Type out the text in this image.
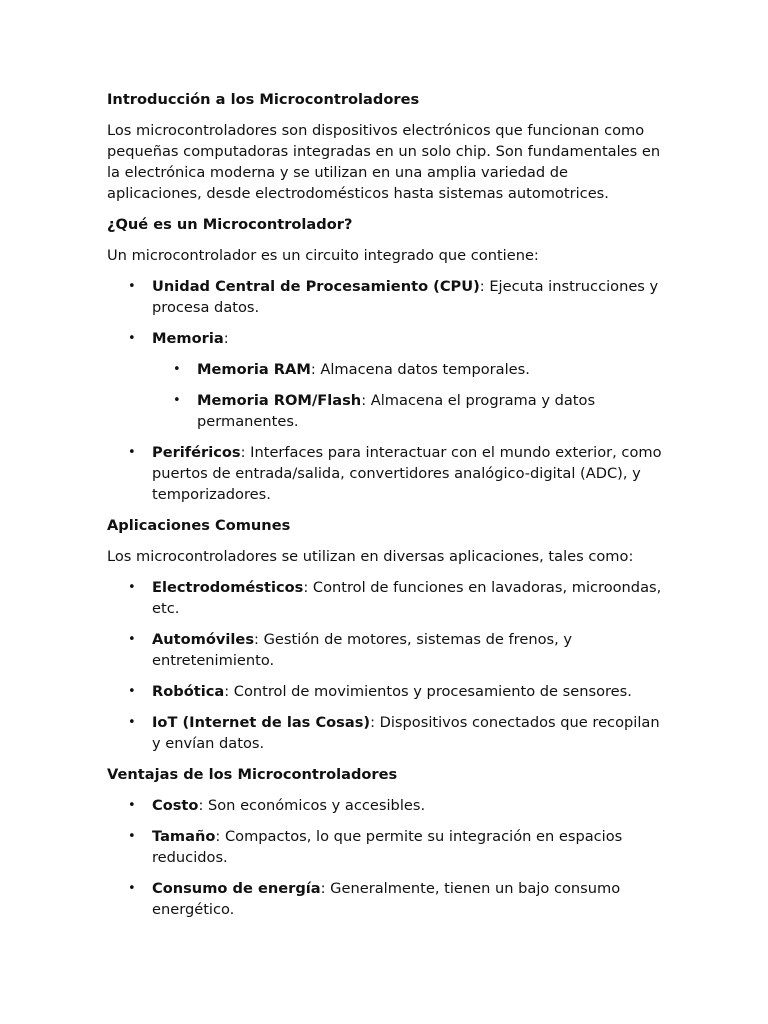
Introducción a los Microcontroladores

Los microcontroladores son dispositivos electrónicos que funcionan como pequeñas computadoras integradas en un solo chip. Son fundamentales en la electrónica moderna y se utilizan en una amplia variedad de aplicaciones, desde electrodomésticos hasta sistemas automotrices.

¿Qué es un Microcontrolador?

Un microcontrolador es un circuito integrado que contiene:

• Unidad Central de Procesamiento (CPU): Ejecuta instrucciones y procesa datos.
• Memoria:
• Memoria RAM: Almacena datos temporales.
• Memoria ROM/Flash: Almacena el programa y datos permanentes.
• Periféricos: Interfaces para interactuar con el mundo exterior, como puertos de entrada/salida, convertidores analógico-digital (ADC), y temporizadores.
Aplicaciones Comunes

Los microcontroladores se utilizan en diversas aplicaciones, tales como:

• Electrodomésticos: Control de funciones en lavadoras, microondas, etc.
• Automóviles: Gestión de motores, sistemas de frenos, y entretenimiento.
• Robótica: Control de movimientos y procesamiento de sensores.
• IoT (Internet de las Cosas): Dispositivos conectados que recopilan y envían datos.
Ventajas de los Microcontroladores
• Costo: Son económicos y accesibles.
• Tamaño: Compactos, lo que permite su integración en espacios reducidos.
• Consumo de energía: Generalmente, tienen un bajo consumo energético.
